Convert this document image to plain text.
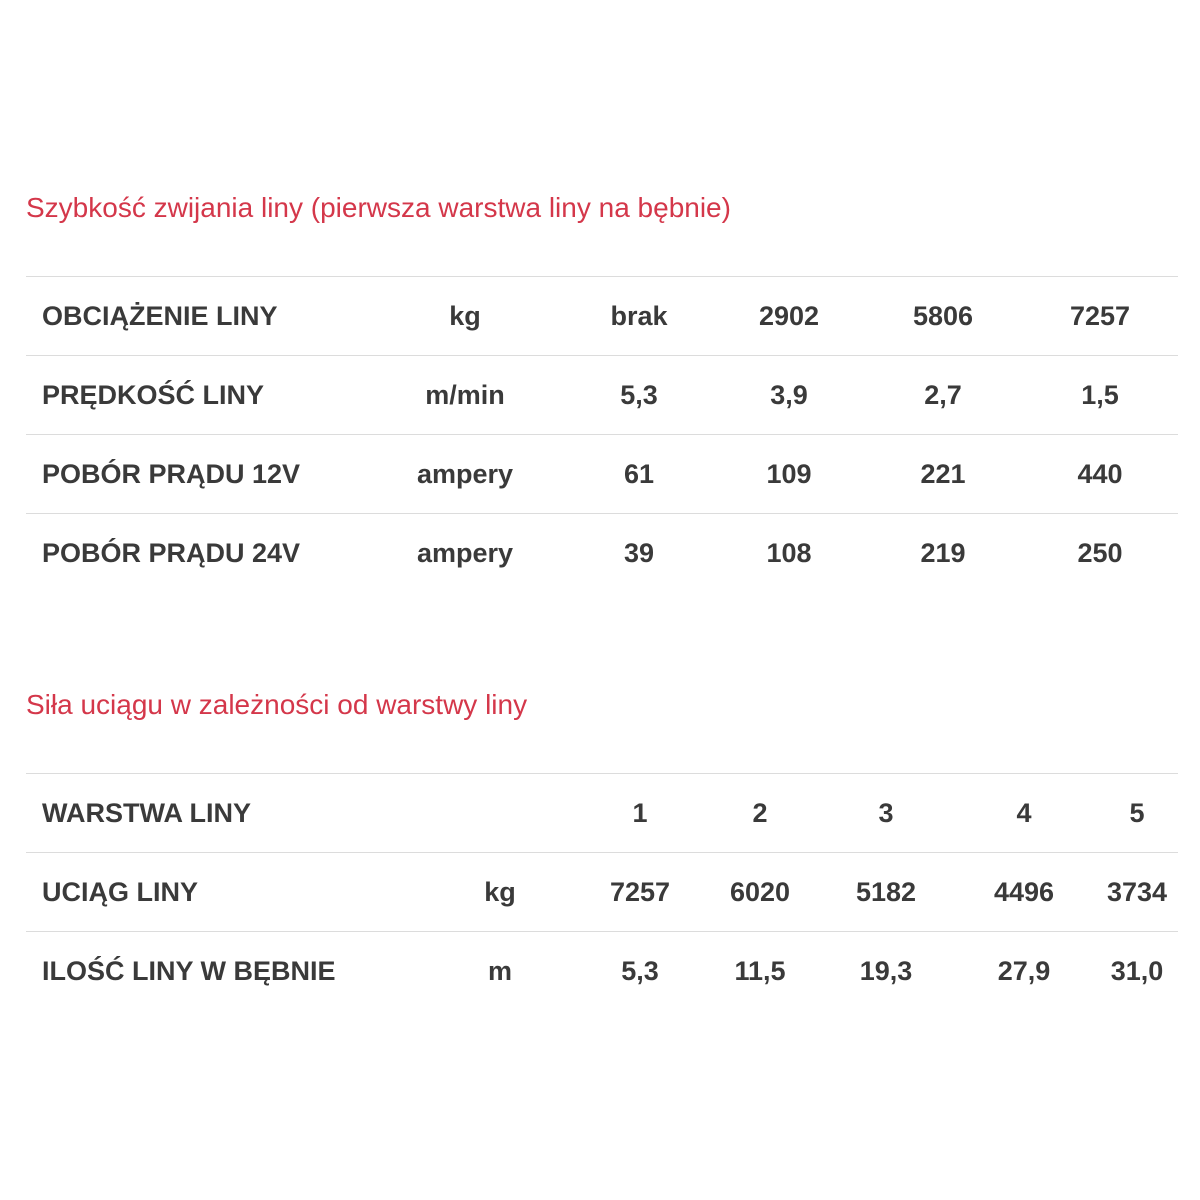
Szybkość zwijania liny (pierwsza warstwa liny na bębnie)
OBCIĄŻENIE LINY	kg	brak	2902	5806	7257
PRĘDKOŚĆ LINY	m/min	5,3	3,9	2,7	1,5
POBÓR PRĄDU 12V	ampery	61	109	221	440
POBÓR PRĄDU 24V	ampery	39	108	219	250
Siła uciągu w zależności od warstwy liny
WARSTWA LINY		1	2	3	4	5
UCIĄG LINY	kg	7257	6020	5182	4496	3734
ILOŚĆ LINY W BĘBNIE	m	5,3	11,5	19,3	27,9	31,0
